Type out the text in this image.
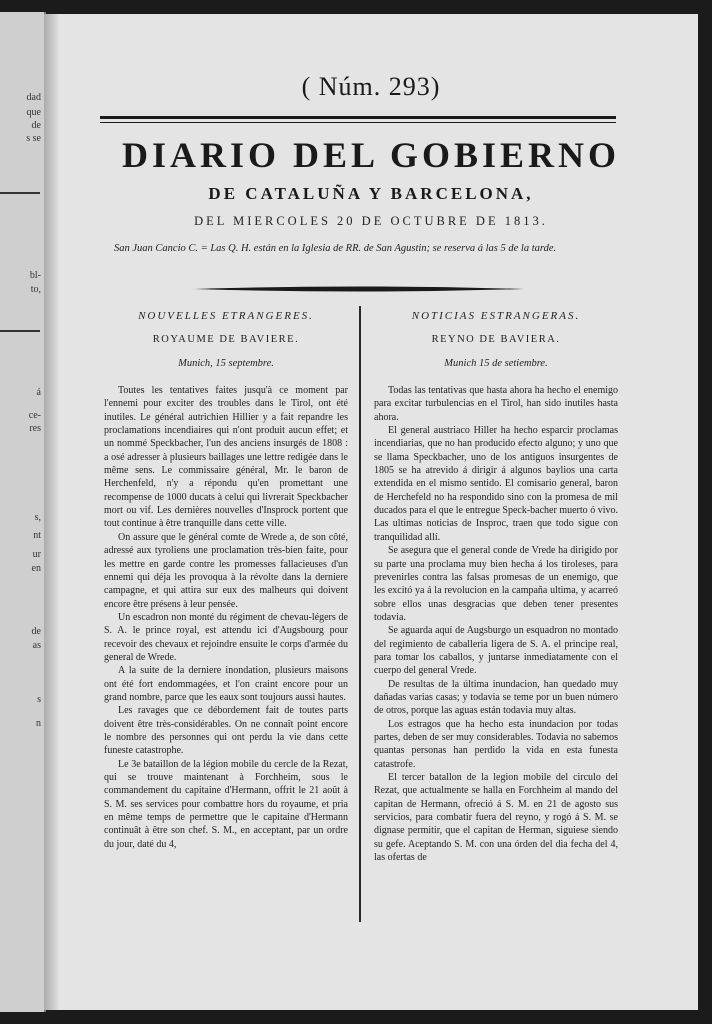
dad
que
de
s se
bl-
to,
á
ce-
res
s,
nt
ur
en
de
as
s
n
( Núm. 293)
DIARIO DEL GOBIERNO
DE CATALUÑA Y BARCELONA,
DEL MIERCOLES 20 DE OCTUBRE DE 1813.
San Juan Cancio C. = Las Q. H. están en la Iglesia de RR. de San Agustin; se reserva á las 5 de la tarde.
NOUVELLES ETRANGERES.
ROYAUME DE BAVIERE.
Munich, 15 septembre.

Toutes les tentatives faites jusqu'à ce moment par l'ennemi pour exciter des troubles dans le Tirol, ont été inutiles. Le général autrichien Hillier y a fait repandre les proclamations incendiaires qui n'ont produit aucun effet; et un nommé Speckbacher, l'un des anciens insurgés de 1808 : a osé adresser à plusieurs baillages une lettre redigée dans le même sens. Le commissaire général, Mr. le baron de Herchenfeld, n'y a répondu qu'en promettant une recompense de 1000 ducats à celui qui livrerait Speckbacher mort ou vif. Les dernières nouvelles d'Insprock portent que tout continue à être tranquille dans cette ville.

On assure que le général comte de Wrede a, de son côté, adressé aux tyroliens une proclamation très-bien faite, pour les mettre en garde contre les promesses fallacieuses d'un ennemi qui déja les provoqua à la révolte dans la derniere campagne, et qui attira sur eux des malheurs qui doivent encore être présens à leur pensée.

Un escadron non monté du régiment de chevau-légers de S. A. le prince royal, est attendu ici d'Augsbourg pour recevoir des chevaux et rejoindre ensuite le corps d'armée du general de Wrede.

A la suite de la derniere inondation, plusieurs maisons ont été fort endommagées, et l'on craint encore pour un grand nombre, parce que les eaux sont toujours aussi hautes.

Les ravages que ce débordement fait de toutes parts doivent être très-considérables. On ne connaît point encore le nombre des personnes qui ont perdu la vie dans cette funeste catastrophe.

Le 3e bataillon de la légion mobile du cercle de la Rezat, qui se trouve maintenant à Forchheim, sous le commandement du capitaine d'Hermann, offrit le 21 août à S. M. ses services pour combattre hors du royaume, et pria en même temps de permettre que le capitaine d'Hermann continuât à être son chef. S. M., en acceptant, par un ordre du jour, daté du 4,

NOTICIAS ESTRANGERAS.
REYNO DE BAVIERA.
Munich 15 de setiembre.

Todas las tentativas que hasta ahora ha hecho el enemigo para excitar turbulencias en el Tirol, han sido inutiles hasta ahora.

El general austriaco Hiller ha hecho esparcir proclamas incendiarias, que no han producido efecto alguno; y uno que se llama Speckbacher, uno de los antiguos insurgentes de 1805 se ha atrevido á dirigir á algunos baylios una carta extendida en el mismo sentido. El comisario general, baron de Herchefeld no ha respondido sino con la promesa de mil ducados para el que le entregue Speck-bacher muerto ó vivo. Las ultimas noticias de Insproc, traen que todo sigue con tranquilidad allí.

Se asegura que el general conde de Vrede ha dirigido por su parte una proclama muy bien hecha á los tiroleses, para prevenirles contra las falsas promesas de un enemigo, que les excitó ya á la revolucion en la campaña ultima, y acarreó sobre ellos unas desgracias que deben tener presentes todavia.

Se aguarda aquí de Augsburgo un esquadron no montado del regimiento de caballeria ligera de S. A. el principe real, para tomar los caballos, y juntarse inmediatamente con el cuerpo del general Vrede.

De resultas de la última inundacion, han quedado muy dañadas varias casas; y todavia se teme por un buen número de otros, porque las aguas están todavia muy altas.

Los estragos que ha hecho esta inundacion por todas partes, deben de ser muy considerables. Todavia no sabemos quantas personas han perdido la vida en esta funesta catastrofe.

El tercer batallon de la legion mobile del circulo del Rezat, que actualmente se halla en Forchheim al mando del capitan de Hermann, ofreció á S. M. en 21 de agosto sus servicios, para combatir fuera del reyno, y rogó á S. M. se dignase permitir, que el capitan de Herman, siguiese siendo su gefe. Aceptando S. M. con una órden del dia fecha del 4, las ofertas de
